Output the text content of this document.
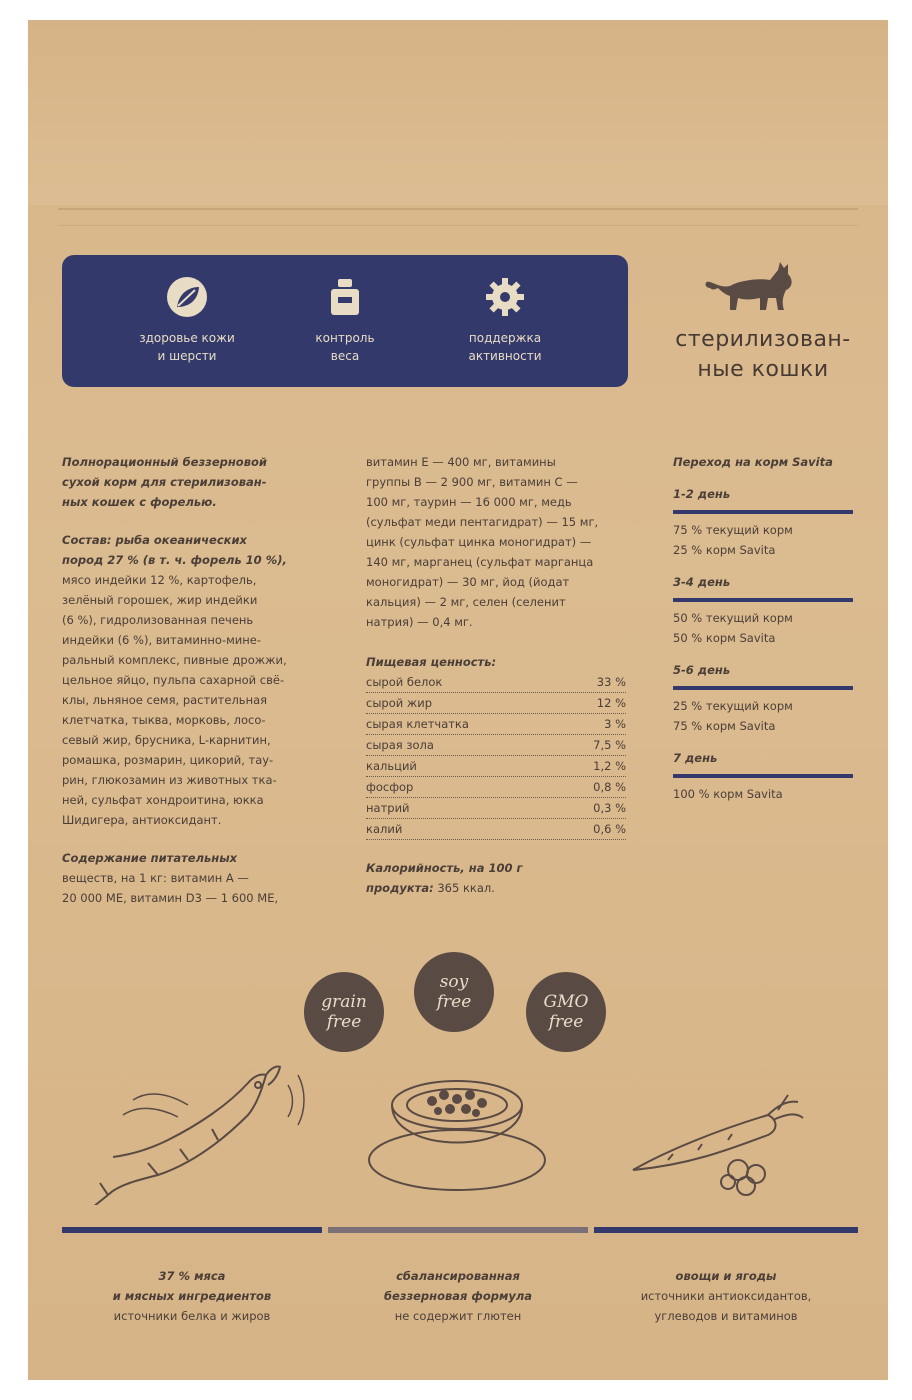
здоровье кожи
и шерсти
контроль
веса
поддержка
активности
стерилизован-
ные кошки
Полнорационный беззерновой
сухой корм для стерилизован-
ных кошек с форелью.
Состав: рыба океанических
пород 27 % (в т. ч. форель 10 %),
мясо индейки 12 %, картофель,
зелёный горошек, жир индейки
(6 %), гидролизованная печень
индейки (6 %), витаминно-мине-
ральный комплекс, пивные дрожжи,
цельное яйцо, пульпа сахарной свё-
клы, льняное семя, растительная
клетчатка, тыква, морковь, лосо-
севый жир, брусника, L-карнитин,
ромашка, розмарин, цикорий, тау-
рин, глюкозамин из животных тка-
ней, сульфат хондроитина, юкка
Шидигера, антиоксидант.
Содержание питательных
веществ, на 1 кг: витамин А —
20 000 МЕ, витамин D3 — 1 600 МЕ,
витамин Е — 400 мг, витамины
группы В — 2 900 мг, витамин С —
100 мг, таурин — 16 000 мг, медь
(сульфат меди пентагидрат) — 15 мг,
цинк (сульфат цинка моногидрат) —
140 мг, марганец (сульфат марганца
моногидрат) — 30 мг, йод (йодат
кальция) — 2 мг, селен (селенит
натрия) — 0,4 мг.
Пищевая ценность:
сырой белок	33 %
сырой жир	12 %
сырая клетчатка	3 %
сырая зола	7,5 %
кальций	1,2 %
фосфор	0,8 %
натрий	0,3 %
калий	0,6 %
Калорийность, на 100 г
продукта: 365 ккал.
Переход на корм Savita
1-2 день
75 % текущий корм
25 % корм Savita
3-4 день
50 % текущий корм
50 % корм Savita
5-6 день
25 % текущий корм
75 % корм Savita
7 день
100 % корм Savita
grain
free
soy
free	GMO
free
37 % мяса
и мясных ингредиентов
источники белка и жиров
сбалансированная
беззерновая формула
не содержит глютен
овощи и ягоды
источники антиоксидантов,
углеводов и витаминов
